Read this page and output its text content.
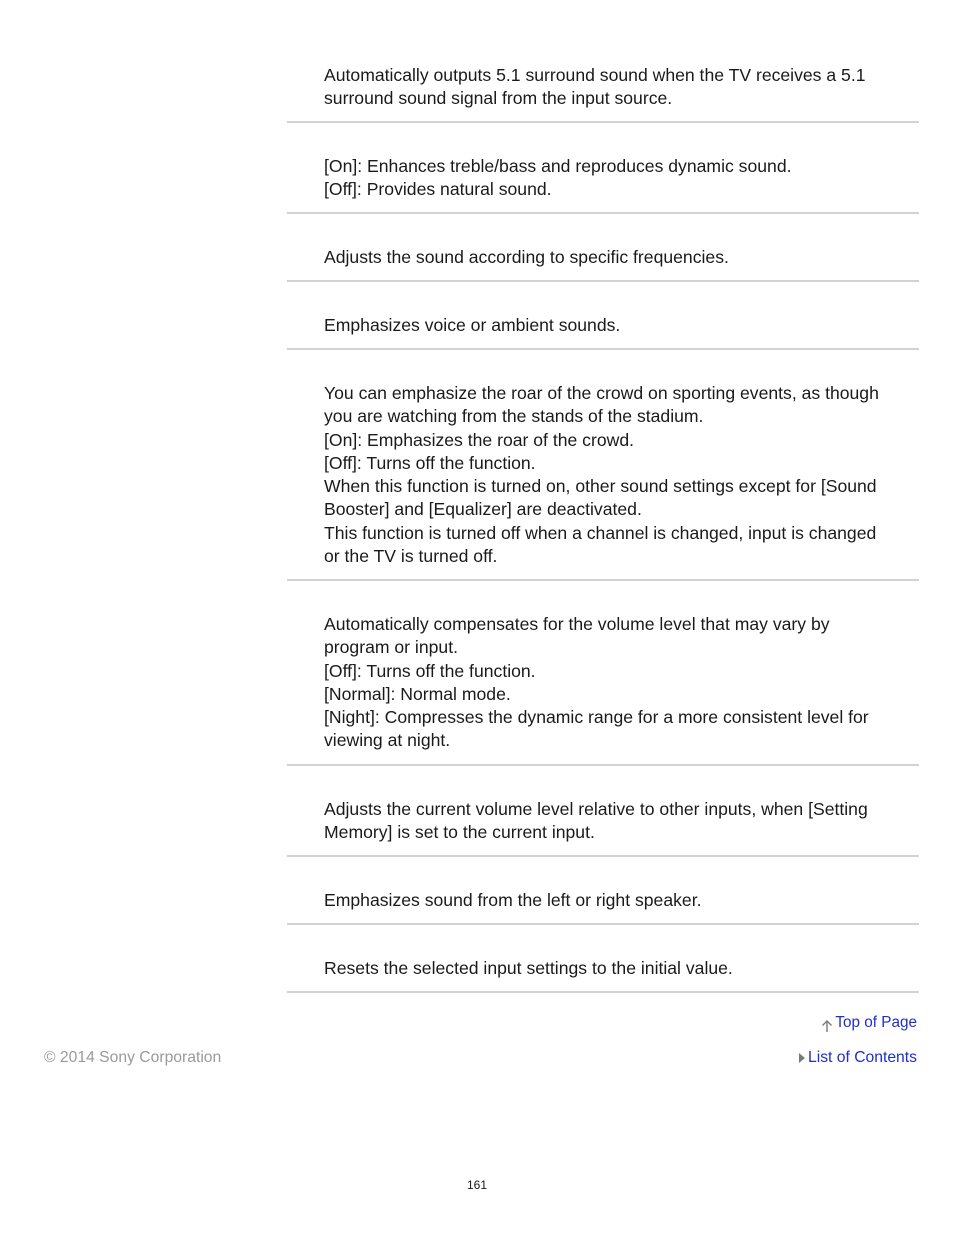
Automatically outputs 5.1 surround sound when the TV receives a 5.1
surround sound signal from the input source.
[On]: Enhances treble/bass and reproduces dynamic sound.
[Off]: Provides natural sound.
Adjusts the sound according to specific frequencies.
Emphasizes voice or ambient sounds.
You can emphasize the roar of the crowd on sporting events, as though
you are watching from the stands of the stadium.
[On]: Emphasizes the roar of the crowd.
[Off]: Turns off the function.
When this function is turned on, other sound settings except for [Sound
Booster] and [Equalizer] are deactivated.
This function is turned off when a channel is changed, input is changed
or the TV is turned off.
Automatically compensates for the volume level that may vary by
program or input.
[Off]: Turns off the function.
[Normal]: Normal mode.
[Night]: Compresses the dynamic range for a more consistent level for
viewing at night.
Adjusts the current volume level relative to other inputs, when [Setting
Memory] is set to the current input.
Emphasizes sound from the left or right speaker.
Resets the selected input settings to the initial value.
Top of Page
© 2014 Sony Corporation	List of Contents
161
